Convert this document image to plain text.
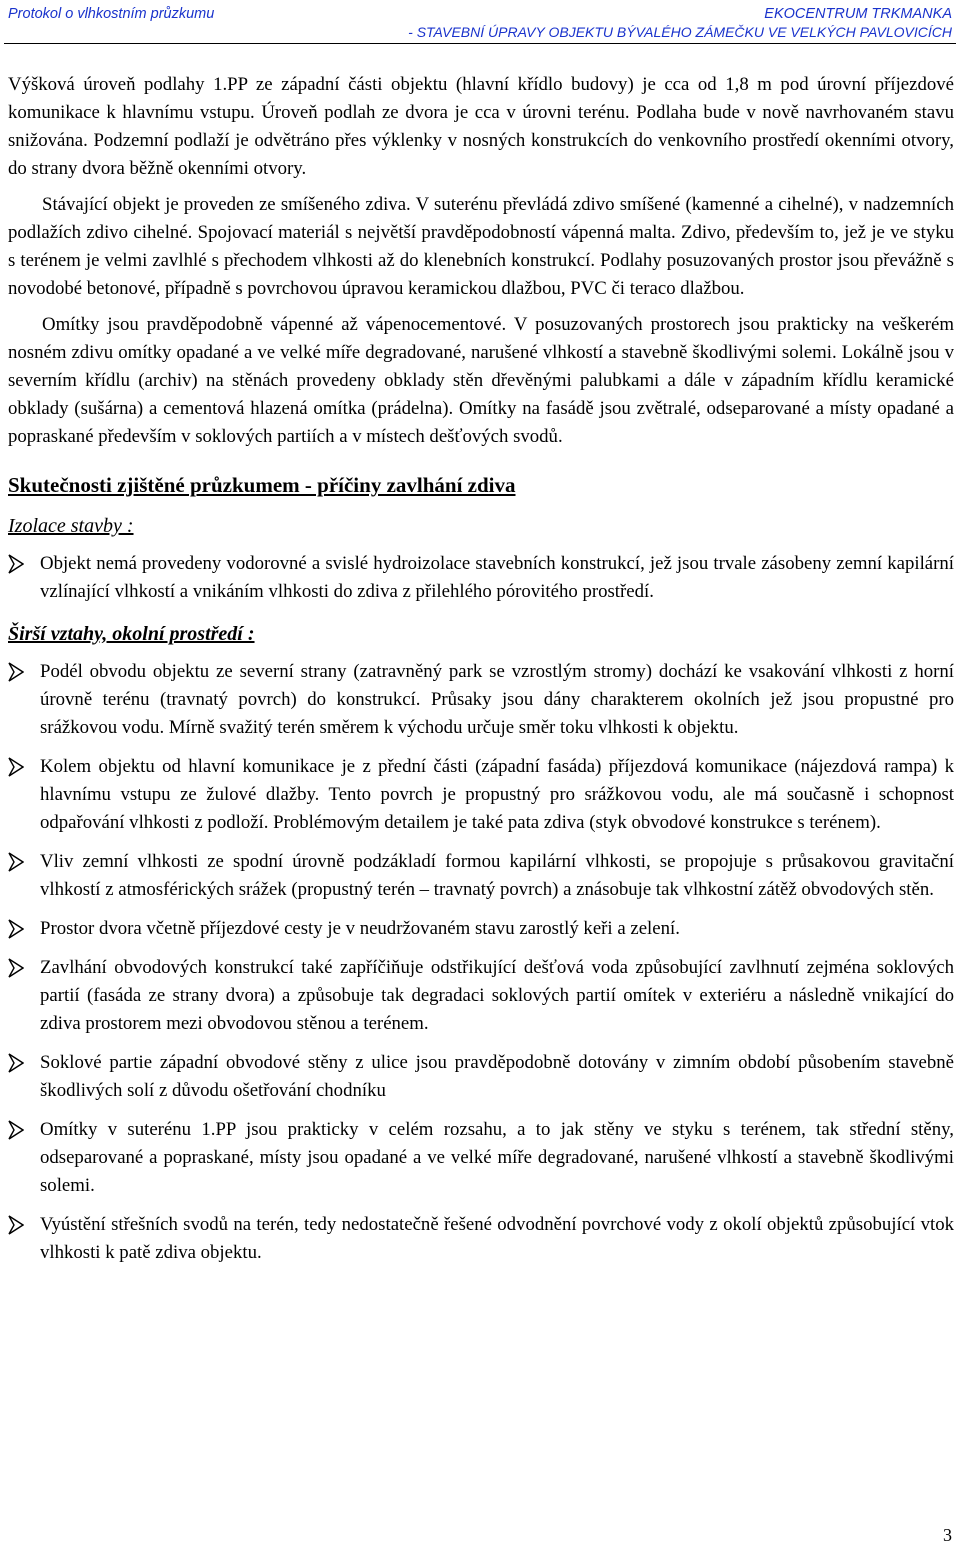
Protokol o vlhkostním průzkumu	EKOCENTRUM TRKMANKA
- STAVEBNÍ ÚPRAVY OBJEKTU BÝVALÉHO ZÁMEČKU VE VELKÝCH PAVLOVICÍCH

Výšková úroveň podlahy 1.PP ze západní části objektu (hlavní křídlo budovy) je cca od 1,8 m pod úrovní příjezdové komunikace k hlavnímu vstupu. Úroveň podlah ze dvora je cca v úrovni terénu. Podlaha bude v nově navrhovaném stavu snižována. Podzemní podlaží je odvětráno přes výklenky v nosných konstrukcích do venkovního prostředí okenními otvory, do strany dvora běžně okenními otvory.

Stávající objekt je proveden ze smíšeného zdiva. V suterénu převládá zdivo smíšené (kamenné a cihelné), v nadzemních podlažích zdivo cihelné. Spojovací materiál s největší pravděpodobností vápenná malta. Zdivo, především to, jež je ve styku s terénem je velmi zavlhlé s přechodem vlhkosti až do klenebních konstrukcí. Podlahy posuzovaných prostor jsou převážně s novodobé betonové, případně s povrchovou úpravou keramickou dlažbou, PVC či teraco dlažbou.

Omítky jsou pravděpodobně vápenné až vápenocementové. V posuzovaných prostorech jsou prakticky na veškerém nosném zdivu omítky opadané a ve velké míře degradované, narušené vlhkostí a stavebně škodlivými solemi. Lokálně jsou v severním křídlu (archiv) na stěnách provedeny obklady stěn dřevěnými palubkami a dále v západním křídlu keramické obklady (sušárna) a cementová hlazená omítka (prádelna). Omítky na fasádě jsou zvětralé, odseparované a místy opadané a popraskané především v soklových partiích a v místech dešťových svodů.

Skutečnosti zjištěné průzkumem - příčiny zavlhání zdiva
Izolace stavby :

Objekt nemá provedeny vodorovné a svislé hydroizolace stavebních konstrukcí, jež jsou trvale zásobeny zemní kapilární vzlínající vlhkostí a vnikáním vlhkosti do zdiva z přilehlého pórovitého prostředí.

Širší vztahy, okolní prostředí :

Podél obvodu objektu ze severní strany (zatravněný park se vzrostlým stromy) dochází ke vsakování vlhkosti z horní úrovně terénu (travnatý povrch) do konstrukcí. Průsaky jsou dány charakterem okolních jež jsou propustné pro srážkovou vodu. Mírně svažitý terén směrem k východu určuje směr toku vlhkosti k objektu.

Kolem objektu od hlavní komunikace je z přední části (západní fasáda) příjezdová komunikace (nájezdová rampa) k hlavnímu vstupu ze žulové dlažby. Tento povrch je propustný pro srážkovou vodu, ale má současně i schopnost odpařování vlhkosti z podloží. Problémovým detailem je také pata zdiva (styk obvodové konstrukce s terénem).

Vliv zemní vlhkosti ze spodní úrovně podzákladí formou kapilární vlhkosti, se propojuje s průsakovou gravitační vlhkostí z atmosférických srážek (propustný terén – travnatý povrch) a znásobuje tak vlhkostní zátěž obvodových stěn.

Prostor dvora včetně příjezdové cesty je v neudržovaném stavu zarostlý keři a zelení.

Zavlhání obvodových konstrukcí také zapříčiňuje odstřikující dešťová voda způsobující zavlhnutí zejména soklových partií (fasáda ze strany dvora) a způsobuje tak degradaci soklových partií omítek v exteriéru a následně vnikající do zdiva prostorem mezi obvodovou stěnou a terénem.

Soklové partie západní obvodové stěny z ulice jsou pravděpodobně dotovány v zimním období působením stavebně škodlivých solí z důvodu ošetřování chodníku

Omítky v suterénu 1.PP jsou prakticky v celém rozsahu, a to jak stěny ve styku s terénem, tak střední stěny, odseparované a popraskané, místy jsou opadané a ve velké míře degradované, narušené vlhkostí a stavebně škodlivými solemi.

Vyústění střešních svodů na terén, tedy nedostatečně řešené odvodnění povrchové vody z okolí objektů způsobující vtok vlhkosti k patě zdiva objektu.

3
